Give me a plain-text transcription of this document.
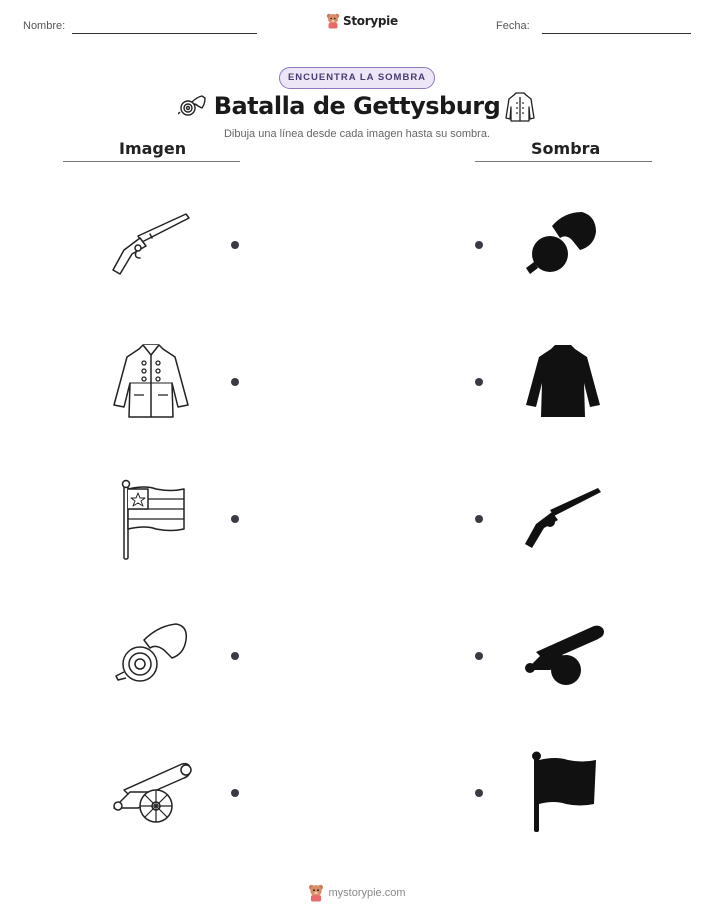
Nombre:	Storypie	Fecha:
ENCUENTRA LA SOMBRA
Batalla de Gettysburg
Dibuja una línea desde cada imagen hasta su sombra.
Imagen	Sombra
mystorypie.com
